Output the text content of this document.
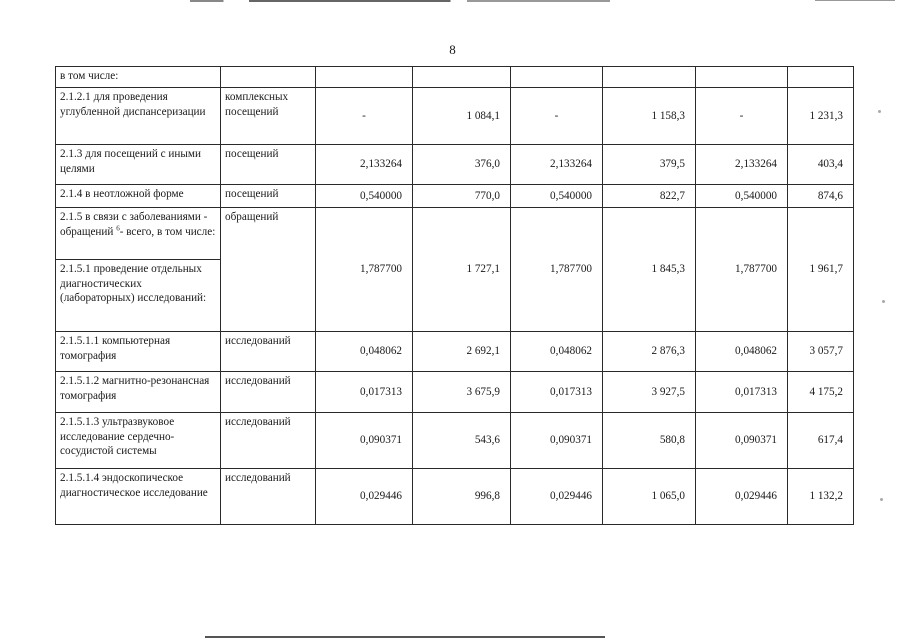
8
в том числе:							
2.1.2.1 для проведения углубленной диспансеризации	комплексных посещений	-	1 084,1	-	1 158,3	-	1 231,3
2.1.3 для посещений с иными целями	посещений	2,133264	376,0	2,133264	379,5	2,133264	403,4
2.1.4 в неотложной форме	посещений	0,540000	770,0	0,540000	822,7	0,540000	874,6
2.1.5 в связи с заболеваниями - обращений $^6$- всего, в том числе:	обращений	1,787700	1 727,1	1,787700	1 845,3	1,787700	1 961,7
2.1.5.1 проведение отдельных диагностических (лабораторных) исследований:							
2.1.5.1.1 компьютерная томография	исследований	0,048062	2 692,1	0,048062	2 876,3	0,048062	3 057,7
2.1.5.1.2 магнитно-резонансная томография	исследований	0,017313	3 675,9	0,017313	3 927,5	0,017313	4 175,2
2.1.5.1.3 ультразвуковое исследование сердечно-сосудистой системы	исследований	0,090371	543,6	0,090371	580,8	0,090371	617,4
2.1.5.1.4 эндоскопическое диагностическое исследование	исследований	0,029446	996,8	0,029446	1 065,0	0,029446	1 132,2
